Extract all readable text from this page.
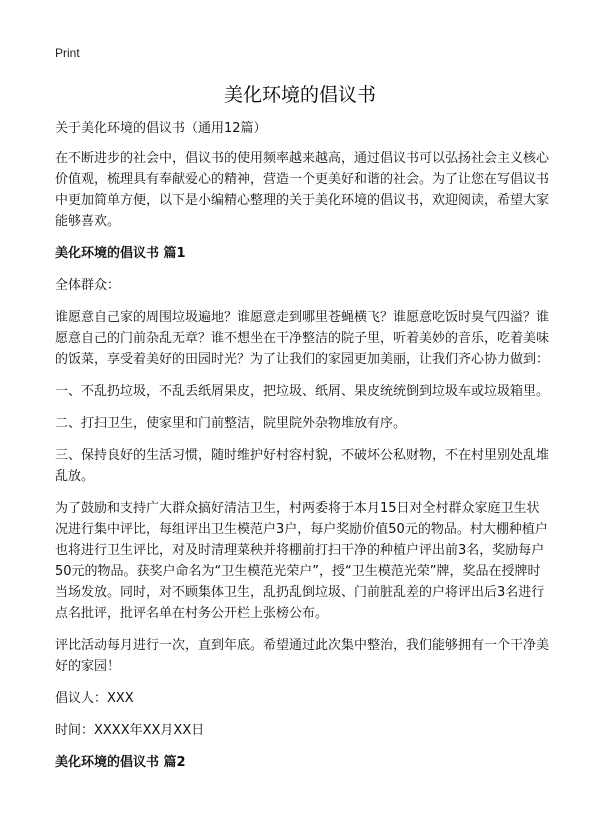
Print
美化环境的倡议书

关于美化环境的倡议书（通用12篇）

在不断进步的社会中，倡议书的使用频率越来越高，通过倡议书可以弘扬社会主义核心价值观，梳理具有奉献爱心的精神，营造一个更美好和谐的社会。为了让您在写倡议书中更加简单方便，以下是小编精心整理的关于美化环境的倡议书，欢迎阅读，希望大家能够喜欢。

美化环境的倡议书 篇1

全体群众：

谁愿意自己家的周围垃圾遍地？谁愿意走到哪里苍蝇横飞？谁愿意吃饭时臭气四溢？谁愿意自己的门前杂乱无章？谁不想坐在干净整洁的院子里，听着美妙的音乐，吃着美味的饭菜，享受着美好的田园时光？为了让我们的家园更加美丽，让我们齐心协力做到：

一、不乱扔垃圾，不乱丢纸屑果皮，把垃圾、纸屑、果皮统统倒到垃圾车或垃圾箱里。

二、打扫卫生，使家里和门前整洁，院里院外杂物堆放有序。

三、保持良好的生活习惯，随时维护好村容村貌，不破坏公私财物，不在村里别处乱堆乱放。

为了鼓励和支持广大群众搞好清洁卫生，村两委将于本月15日对全村群众家庭卫生状况进行集中评比，每组评出卫生模范户3户，每户奖励价值50元的物品。村大棚种植户也将进行卫生评比，对及时清理菜秧并将棚前打扫干净的种植户评出前3名，奖励每户50元的物品。获奖户命名为“卫生模范光荣户”，授“卫生模范光荣”牌，奖品在授牌时当场发放。同时，对不顾集体卫生，乱扔乱倒垃圾、门前脏乱差的户将评出后3名进行点名批评，批评名单在村务公开栏上张榜公布。

评比活动每月进行一次，直到年底。希望通过此次集中整治，我们能够拥有一个干净美好的家园！

倡议人：XXX

时间：XXXX年XX月XX日

美化环境的倡议书 篇2
